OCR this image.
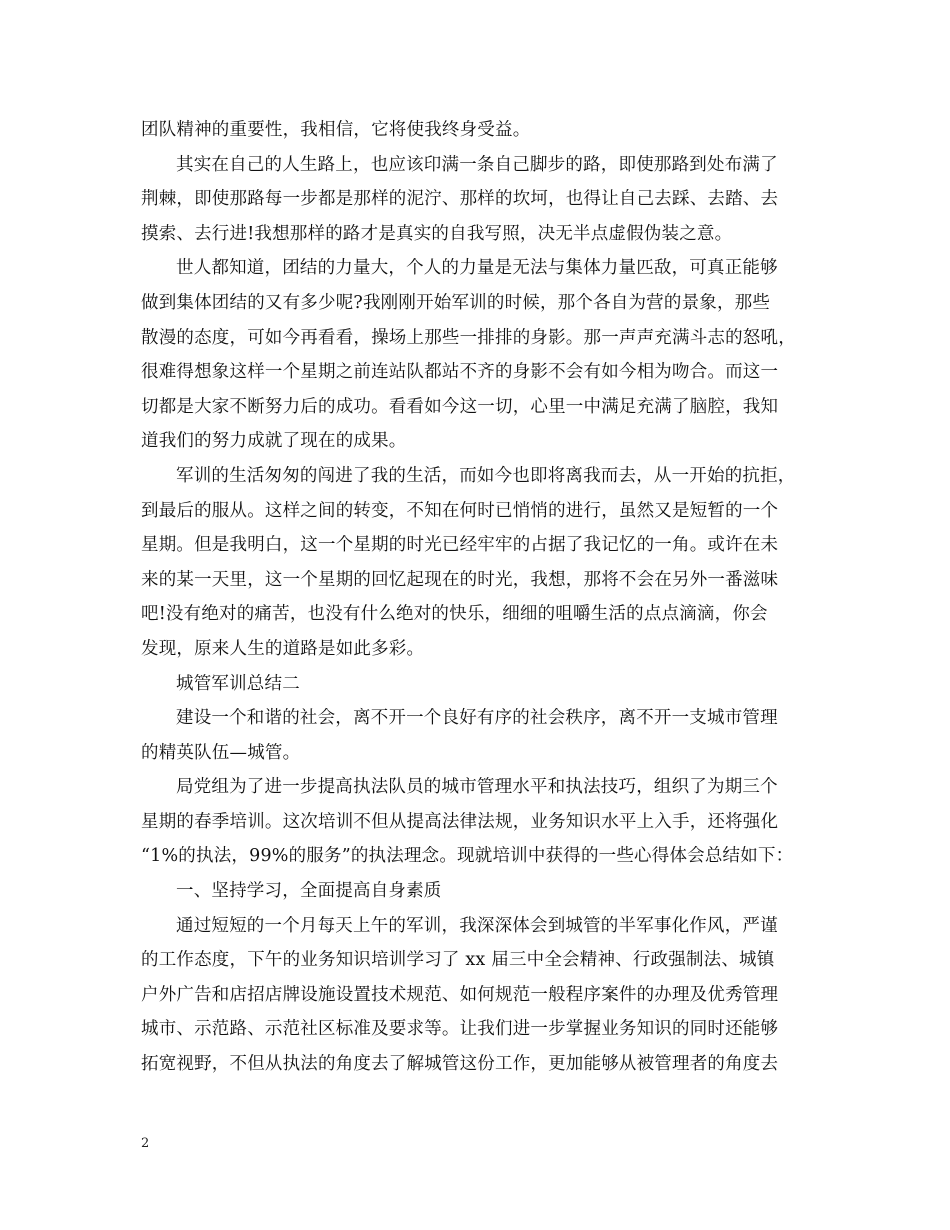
团队精神的重要性，我相信，它将使我终身受益。
其实在自己的人生路上，也应该印满一条自己脚步的路，即使那路到处布满了
荆棘，即使那路每一步都是那样的泥泞、那样的坎坷，也得让自己去踩、去踏、去
摸索、去行进!我想那样的路才是真实的自我写照，决无半点虚假伪装之意。
世人都知道，团结的力量大，个人的力量是无法与集体力量匹敌，可真正能够
做到集体团结的又有多少呢?我刚刚开始军训的时候，那个各自为营的景象，那些
散漫的态度，可如今再看看，操场上那些一排排的身影。那一声声充满斗志的怒吼，
很难得想象这样一个星期之前连站队都站不齐的身影不会有如今相为吻合。而这一
切都是大家不断努力后的成功。看看如今这一切，心里一中满足充满了脑腔，我知
道我们的努力成就了现在的成果。
军训的生活匆匆的闯进了我的生活，而如今也即将离我而去，从一开始的抗拒，
到最后的服从。这样之间的转变，不知在何时已悄悄的进行，虽然又是短暂的一个
星期。但是我明白，这一个星期的时光已经牢牢的占据了我记忆的一角。或许在未
来的某一天里，这一个星期的回忆起现在的时光，我想，那将不会在另外一番滋味
吧!没有绝对的痛苦，也没有什么绝对的快乐，细细的咀嚼生活的点点滴滴，你会
发现，原来人生的道路是如此多彩。
城管军训总结二
建设一个和谐的社会，离不开一个良好有序的社会秩序，离不开一支城市管理
的精英队伍—城管。
局党组为了进一步提高执法队员的城市管理水平和执法技巧，组织了为期三个
星期的春季培训。这次培训不但从提高法律法规，业务知识水平上入手，还将强化
“1%的执法，99%的服务”的执法理念。现就培训中获得的一些心得体会总结如下：
一、坚持学习，全面提高自身素质
通过短短的一个月每天上午的军训，我深深体会到城管的半军事化作风，严谨
的工作态度，下午的业务知识培训学习了 xx 届三中全会精神、行政强制法、城镇
户外广告和店招店牌设施设置技术规范、如何规范一般程序案件的办理及优秀管理
城市、示范路、示范社区标准及要求等。让我们进一步掌握业务知识的同时还能够
拓宽视野，不但从执法的角度去了解城管这份工作，更加能够从被管理者的角度去
2
